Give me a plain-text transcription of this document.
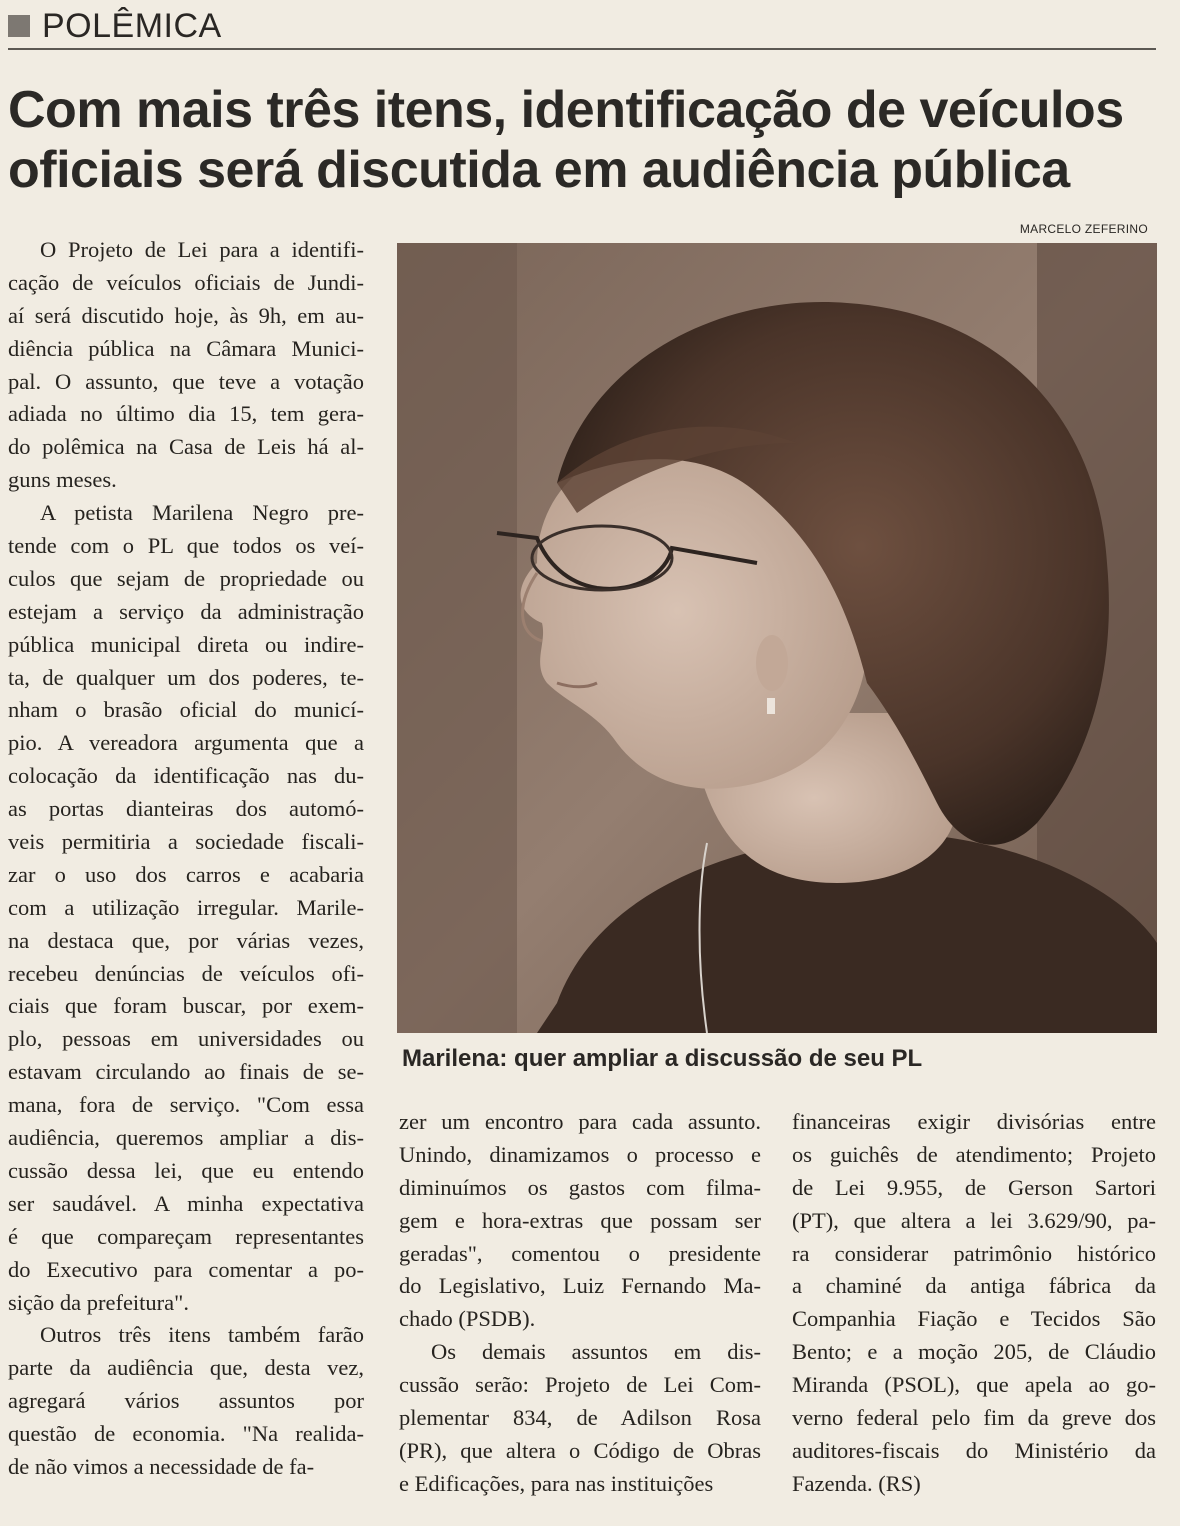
POLÊMICA
Com mais três itens, identificação de veículos
oficiais será discutida em audiência pública
MARCELO ZEFERINO
Marilena: quer ampliar a discussão de seu PL
O Projeto de Lei para a identifi-
cação de veículos oficiais de Jundi-
aí será discutido hoje, às 9h, em au-
diência pública na Câmara Munici-
pal. O assunto, que teve a votação
adiada no último dia 15, tem gera-
do polêmica na Casa de Leis há al-
guns meses.
A petista Marilena Negro pre-
tende com o PL que todos os veí-
culos que sejam de propriedade ou
estejam a serviço da administração
pública municipal direta ou indire-
ta, de qualquer um dos poderes, te-
nham o brasão oficial do municí-
pio. A vereadora argumenta que a
colocação da identificação nas du-
as portas dianteiras dos automó-
veis permitiria a sociedade fiscali-
zar o uso dos carros e acabaria
com a utilização irregular. Marile-
na destaca que, por várias vezes,
recebeu denúncias de veículos ofi-
ciais que foram buscar, por exem-
plo, pessoas em universidades ou
estavam circulando ao finais de se-
mana, fora de serviço. "Com essa
audiência, queremos ampliar a dis-
cussão dessa lei, que eu entendo
ser saudável. A minha expectativa
é que compareçam representantes
do Executivo para comentar a po-
sição da prefeitura".
Outros três itens também farão
parte da audiência que, desta vez,
agregará vários assuntos por
questão de economia. "Na realida-
de não vimos a necessidade de fa-
zer um encontro para cada assunto.
Unindo, dinamizamos o processo e
diminuímos os gastos com filma-
gem e hora-extras que possam ser
geradas", comentou o presidente
do Legislativo, Luiz Fernando Ma-
chado (PSDB).
Os demais assuntos em dis-
cussão serão: Projeto de Lei Com-
plementar 834, de Adilson Rosa
(PR), que altera o Código de Obras
e Edificações, para nas instituições
financeiras exigir divisórias entre
os guichês de atendimento; Projeto
de Lei 9.955, de Gerson Sartori
(PT), que altera a lei 3.629/90, pa-
ra considerar patrimônio histórico
a chaminé da antiga fábrica da
Companhia Fiação e Tecidos São
Bento; e a moção 205, de Cláudio
Miranda (PSOL), que apela ao go-
verno federal pelo fim da greve dos
auditores-fiscais do Ministério da
Fazenda. (RS)
